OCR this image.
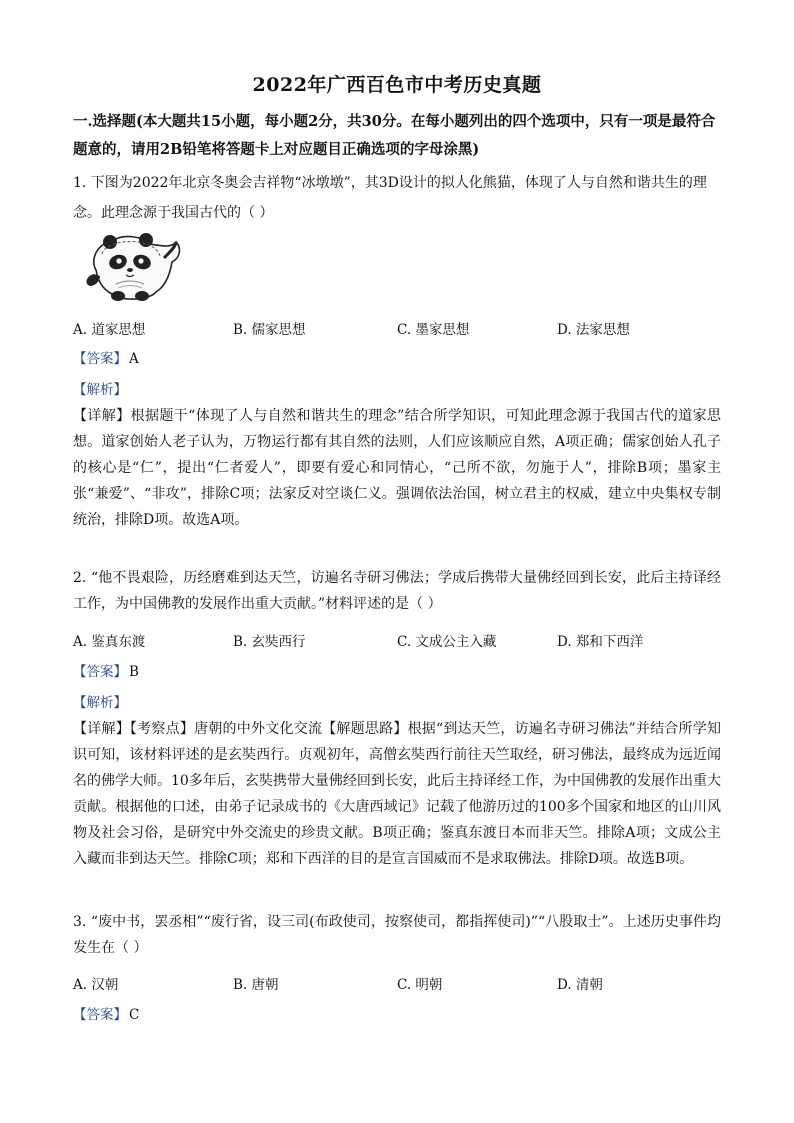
2022年广西百色市中考历史真题
一.选择题(本大题共15小题，每小题2分，共30分。在每小题列出的四个选项中，只有一项是最符合题意的，请用2B铅笔将答题卡上对应题目正确选项的字母涂黑)
1. 下图为2022年北京冬奥会吉祥物“冰墩墩”，其3D设计的拟人化熊猫，体现了人与自然和谐共生的理
念。此理念源于我国古代的（ ）
A. 道家思想	B. 儒家思想	C. 墨家思想	D. 法家思想
【答案】 A
【解析】
【详解】根据题干“体现了人与自然和谐共生的理念”结合所学知识，可知此理念源于我国古代的道家思想。道家创始人老子认为，万物运行都有其自然的法则，人们应该顺应自然，A项正确；儒家创始人孔子的核心是“仁”，提出“仁者爱人”，即要有爱心和同情心，“己所不欲，勿施于人”，排除B项；墨家主张“兼爱”、“非攻”，排除C项；法家反对空谈仁义。强调依法治国，树立君主的权威，建立中央集权专制统治，排除D项。故选A项。
2. “他不畏艰险，历经磨难到达天竺，访遍名寺研习佛法；学成后携带大量佛经回到长安，此后主持译经工作，为中国佛教的发展作出重大贡献。”材料评述的是（ ）
A. 鉴真东渡	B. 玄奘西行	C. 文成公主入藏	D. 郑和下西洋
【答案】 B
【解析】
【详解】【考察点】唐朝的中外文化交流【解题思路】根据“到达天竺，访遍名寺研习佛法”并结合所学知识可知，该材料评述的是玄奘西行。贞观初年，高僧玄奘西行前往天竺取经，研习佛法，最终成为远近闻名的佛学大师。10多年后，玄奘携带大量佛经回到长安，此后主持译经工作，为中国佛教的发展作出重大贡献。根据他的口述，由弟子记录成书的《大唐西域记》记载了他游历过的100多个国家和地区的山川风物及社会习俗，是研究中外交流史的珍贵文献。B项正确；鉴真东渡日本而非天竺。排除A项；文成公主入藏而非到达天竺。排除C项；郑和下西洋的目的是宣言国威而不是求取佛法。排除D项。故选B项。
3. “废中书，罢丞相”“废行省，设三司(布政使司，按察使司，都指挥使司)”“八股取士”。上述历史事件均发生在（ ）
A. 汉朝	B. 唐朝	C. 明朝	D. 清朝
【答案】 C
